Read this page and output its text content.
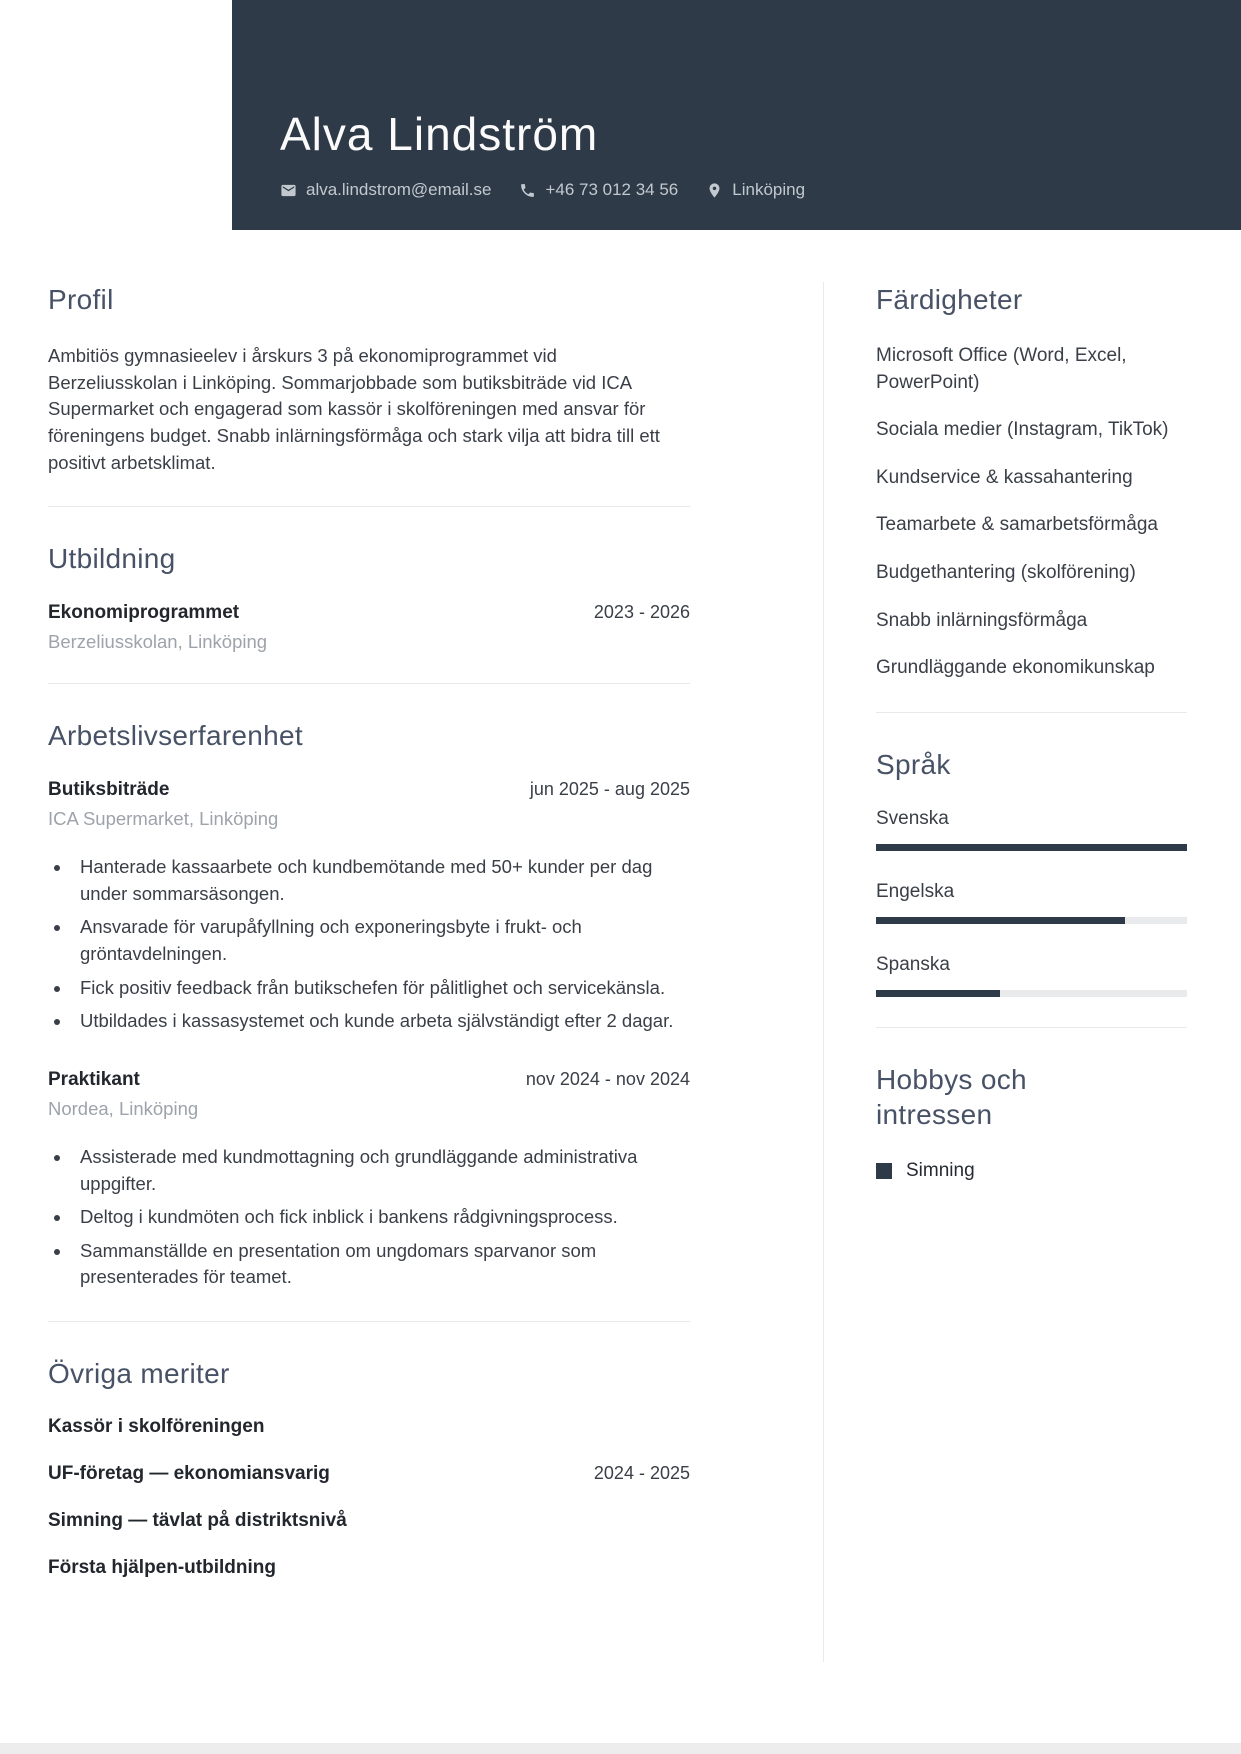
Alva Lindström
alva.lindstrom@email.se	+46 73 012 34 56	Linköping
Profil

Ambitiös gymnasieelev i årskurs 3 på ekonomiprogrammet vid Berzeliusskolan i Linköping. Sommarjobbade som butiksbiträde vid ICA Supermarket och engagerad som kassör i skolföreningen med ansvar för föreningens budget. Snabb inlärningsförmåga och stark vilja att bidra till ett positivt arbetsklimat.

Utbildning
Ekonomiprogrammet	2023 - 2026
Berzeliusskolan, Linköping
Arbetslivserfarenhet
Butiksbiträde	jun 2025 - aug 2025
ICA Supermarket, Linköping
• Hanterade kassaarbete och kundbemötande med 50+ kunder per dag under sommarsäsongen.
• Ansvarade för varupåfyllning och exponeringsbyte i frukt- och gröntavdelningen.
• Fick positiv feedback från butikschefen för pålitlighet och servicekänsla.
• Utbildades i kassasystemet och kunde arbeta självständigt efter 2 dagar.
Praktikant	nov 2024 - nov 2024
Nordea, Linköping
• Assisterade med kundmottagning och grundläggande administrativa uppgifter.
• Deltog i kundmöten och fick inblick i bankens rådgivningsprocess.
• Sammanställde en presentation om ungdomars sparvanor som presenterades för teamet.
Övriga meriter
Kassör i skolföreningen
UF-företag — ekonomiansvarig	2024 - 2025
Simning — tävlat på distriktsnivå
Första hjälpen-utbildning
Färdigheter
Microsoft Office (Word, Excel, PowerPoint)
Sociala medier (Instagram, TikTok)
Kundservice & kassahantering
Teamarbete & samarbetsförmåga
Budgethantering (skolförening)
Snabb inlärningsförmåga
Grundläggande ekonomikunskap
Språk
Svenska
Engelska
Spanska
Hobbys och intressen
Simning
